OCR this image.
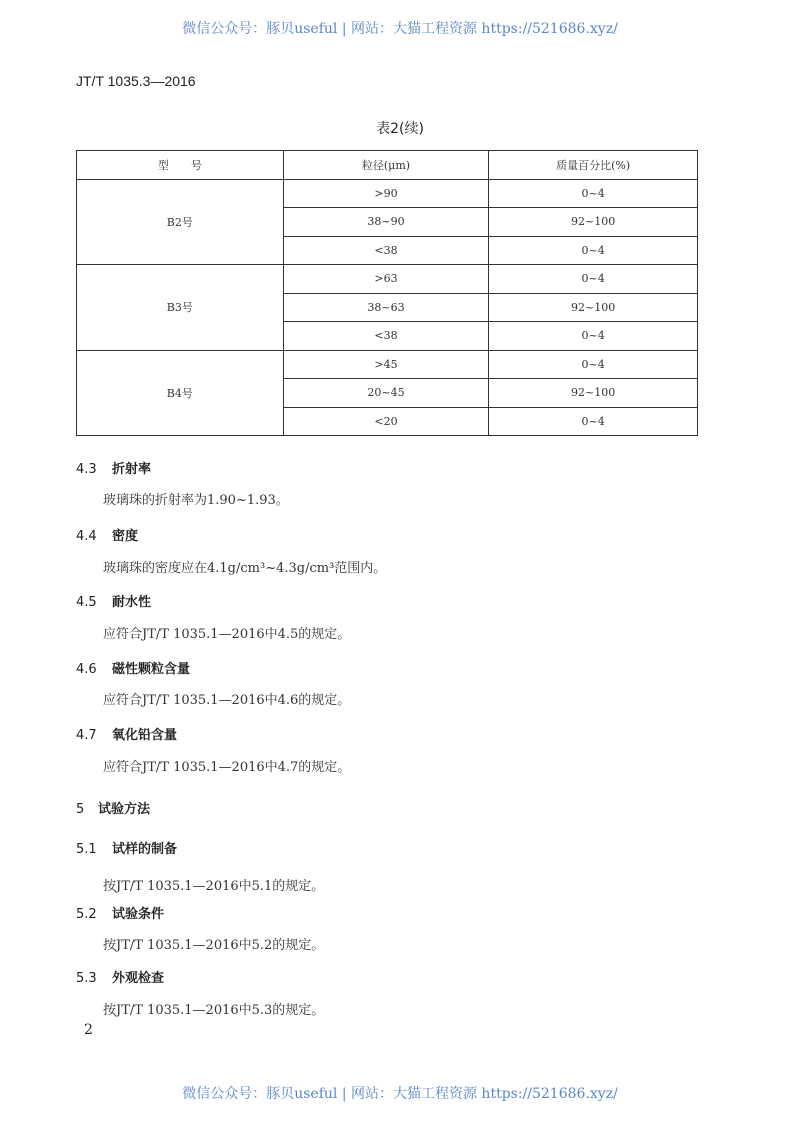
微信公众号：豚贝useful | 网站：大猫工程资源 https://521686.xyz/
JT/T 1035.3—2016
表2(续)
型　　号	粒径(μm)	质量百分比(%)
B2号	>90	0~4
	38~90	92~100
	<38	0~4
B3号	>63	0~4
	38~63	92~100
	<38	0~4
B4号	>45	0~4
	20~45	92~100
	<20	0~4
4.3 折射率
玻璃珠的折射率为1.90~1.93。
4.4 密度
玻璃珠的密度应在4.1g/cm³~4.3g/cm³范围内。
4.5 耐水性
应符合JT/T 1035.1—2016中4.5的规定。
4.6 磁性颗粒含量
应符合JT/T 1035.1—2016中4.6的规定。
4.7 氧化铅含量
应符合JT/T 1035.1—2016中4.7的规定。
5 试验方法
5.1 试样的制备
按JT/T 1035.1—2016中5.1的规定。
5.2 试验条件
按JT/T 1035.1—2016中5.2的规定。
5.3 外观检查
按JT/T 1035.1—2016中5.3的规定。
2
微信公众号：豚贝useful | 网站：大猫工程资源 https://521686.xyz/
